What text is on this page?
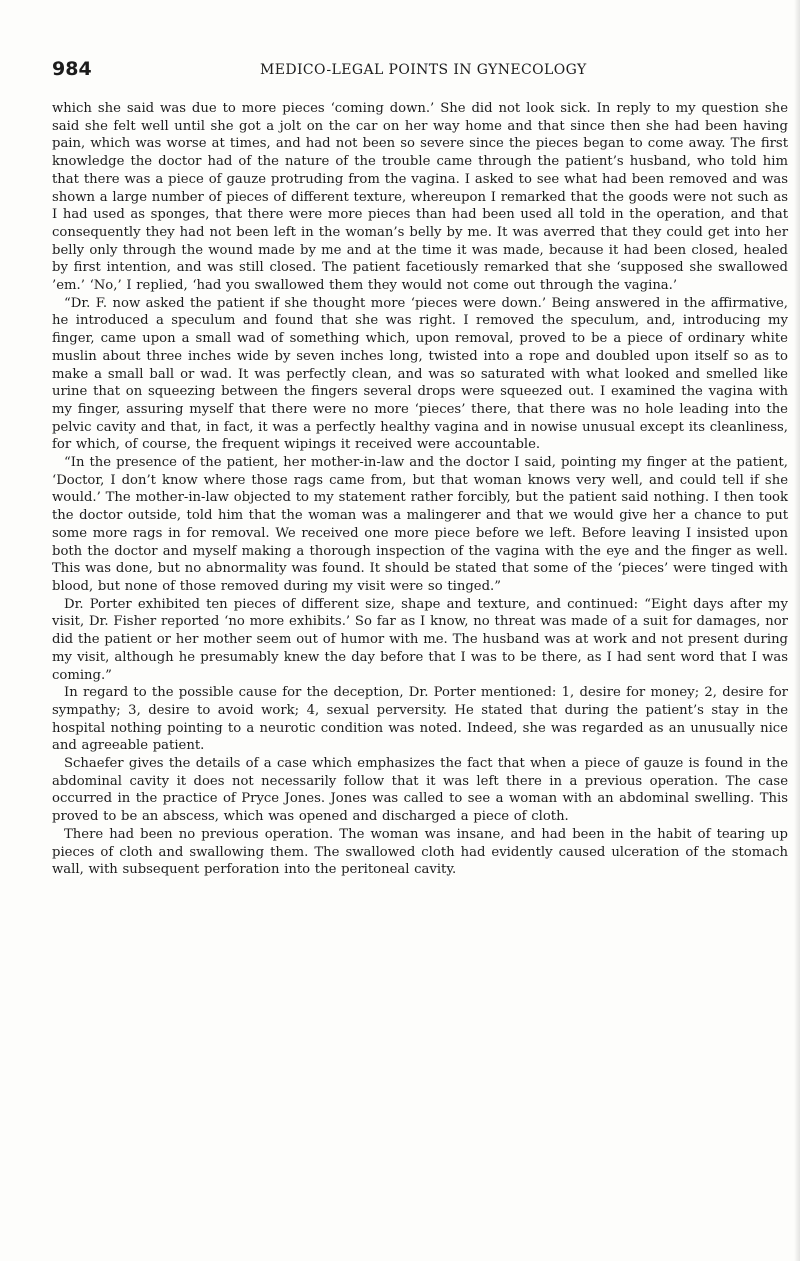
984	MEDICO-LEGAL POINTS IN GYNECOLOGY

which she said was due to more pieces ‘coming down.’ She did not look sick. In reply to my question she said she felt well until she got a jolt on the car on her way home and that since then she had been having pain, which was worse at times, and had not been so severe since the pieces began to come away. The first knowledge the doctor had of the nature of the trouble came through the patient’s husband, who told him that there was a piece of gauze protruding from the vagina. I asked to see what had been removed and was shown a large number of pieces of different texture, whereupon I remarked that the goods were not such as I had used as sponges, that there were more pieces than had been used all told in the operation, and that consequently they had not been left in the woman’s belly by me. It was averred that they could get into her belly only through the wound made by me and at the time it was made, because it had been closed, healed by first intention, and was still closed. The patient facetiously remarked that she ‘supposed she swallowed ’em.’ ‘No,’ I replied, ‘had you swallowed them they would not come out through the vagina.’

“Dr. F. now asked the patient if she thought more ‘pieces were down.’ Being answered in the affirmative, he introduced a speculum and found that she was right. I removed the speculum, and, introducing my finger, came upon a small wad of something which, upon removal, proved to be a piece of ordinary white muslin about three inches wide by seven inches long, twisted into a rope and doubled upon itself so as to make a small ball or wad. It was perfectly clean, and was so saturated with what looked and smelled like urine that on squeezing between the fingers several drops were squeezed out. I examined the vagina with my finger, assuring myself that there were no more ‘pieces’ there, that there was no hole leading into the pelvic cavity and that, in fact, it was a perfectly healthy vagina and in nowise unusual except its cleanliness, for which, of course, the frequent wipings it received were accountable.

“In the presence of the patient, her mother-in-law and the doctor I said, pointing my finger at the patient, ‘Doctor, I don’t know where those rags came from, but that woman knows very well, and could tell if she would.’ The mother-in-law objected to my statement rather forcibly, but the patient said nothing. I then took the doctor outside, told him that the woman was a malingerer and that we would give her a chance to put some more rags in for removal. We received one more piece before we left. Before leaving I insisted upon both the doctor and myself making a thorough inspection of the vagina with the eye and the finger as well. This was done, but no abnormality was found. It should be stated that some of the ‘pieces’ were tinged with blood, but none of those removed during my visit were so tinged.”

Dr. Porter exhibited ten pieces of different size, shape and texture, and continued: “Eight days after my visit, Dr. Fisher reported ‘no more exhibits.’ So far as I know, no threat was made of a suit for damages, nor did the patient or her mother seem out of humor with me. The husband was at work and not present during my visit, although he presumably knew the day before that I was to be there, as I had sent word that I was coming.”

In regard to the possible cause for the deception, Dr. Porter mentioned: 1, desire for money; 2, desire for sympathy; 3, desire to avoid work; 4, sexual perversity. He stated that during the patient’s stay in the hospital nothing pointing to a neurotic condition was noted. Indeed, she was regarded as an unusually nice and agreeable patient.

Schaefer gives the details of a case which emphasizes the fact that when a piece of gauze is found in the abdominal cavity it does not necessarily follow that it was left there in a previous operation. The case occurred in the practice of Pryce Jones. Jones was called to see a woman with an abdominal swelling. This proved to be an abscess, which was opened and discharged a piece of cloth.

There had been no previous operation. The woman was insane, and had been in the habit of tearing up pieces of cloth and swallowing them. The swallowed cloth had evidently caused ulceration of the stomach wall, with subsequent perforation into the peritoneal cavity.
